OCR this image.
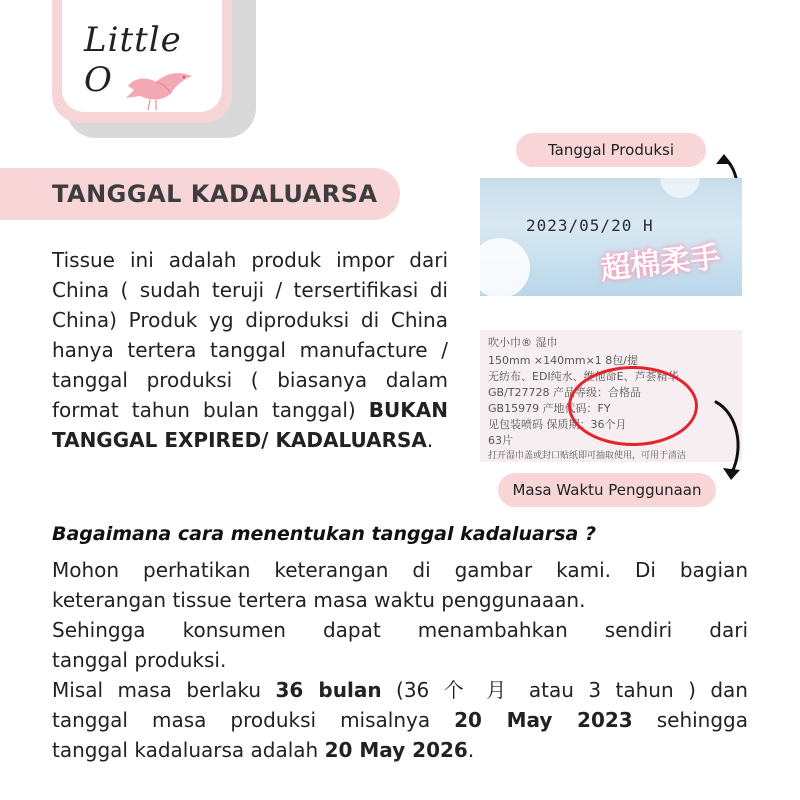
Little O
TANGGAL KADALUARSA
Tissue ini adalah produk impor dari China ( sudah teruji / tersertifikasi di China) Produk yg diproduksi di China hanya tertera tanggal manufacture / tanggal produksi ( biasanya dalam format tahun bulan tanggal) BUKAN TANGGAL EXPIRED/ KADALUARSA.
Tanggal Produksi
2023/05/20 H
超棉柔手
吹小巾® 湿巾
150mm ×140mm×1 8包/提
无纺布、EDI纯水、维他命E、芦荟精华
GB/T27728 产品等级：合格品
GB15979 产地代码：FY
见包装喷码 保质期：36个月
63片
打开湿巾盖或封口贴纸即可抽取使用，可用于清洁
Masa Waktu Penggunaan
Bagaimana cara menentukan tanggal kadaluarsa ?
Mohon perhatikan keterangan di gambar kami. Di bagian
keterangan tissue tertera masa waktu penggunaaan.
Sehingga konsumen dapat menambahkan sendiri dari
tanggal produksi.
Misal masa berlaku 36 bulan (36 个 月 atau 3 tahun ) dan
tanggal masa produksi misalnya 20 May 2023 sehingga
tanggal kadaluarsa adalah 20 May 2026.
